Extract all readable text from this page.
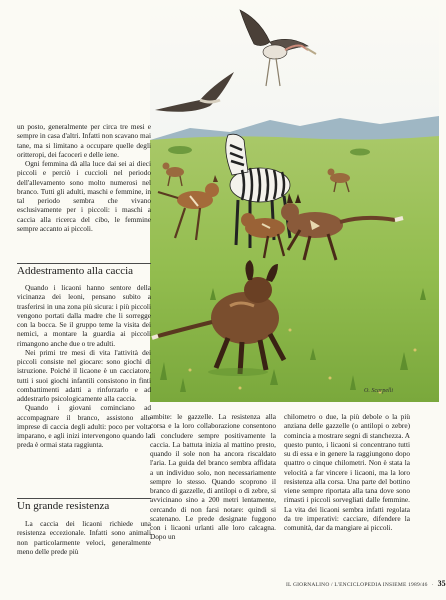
O. Scarpelli

un posto, generalmente per circa tre mesi e sempre in casa d'altri. Infatti non scavano mai tane, ma si limitano a occupare quelle degli oritteropi, dei facoceri e delle iene.

Ogni femmina dà alla luce dai sei ai dieci piccoli e perciò i cuccioli nel periodo dell'allevamento sono molto numerosi nel branco. Tutti gli adulti, maschi e femmine, in tal periodo sembra che vivano esclusivamente per i piccoli: i maschi a caccia alla ricerca del cibo, le femmine sempre accanto ai piccoli.

Addestramento alla caccia

Quando i licaoni hanno sentore della vicinanza dei leoni, pensano subito a trasferirsi in una zona più sicura: i più piccoli vengono portati dalla madre che li sorregge con la bocca. Se il gruppo teme la visita dei nemici, a montare la guardia ai piccoli rimangono anche due o tre adulti.

Nei primi tre mesi di vita l'attività dei piccoli consiste nel giocare: sono giochi di istruzione. Poiché il licaone è un cacciatore, tutti i suoi giochi infantili consistono in finti combattimenti adatti a rinforzarlo e ad addestrarlo psicologicamente alla caccia.

Quando i giovani cominciano ad accompagnare il branco, assistono alle imprese di caccia degli adulti: poco per volta imparano, e agli inizi intervengono quando la preda è ormai stata raggiunta.

Un grande resistenza

La caccia dei licaoni richiede una resistenza eccezionale. Infatti sono animali non particolarmente veloci, generalmente meno delle prede più

ambite: le gazzelle. La resistenza alla corsa e la loro collaborazione consentono di concludere sempre positivamente la caccia. La battuta inizia al mattino presto, quando il sole non ha ancora riscaldato l'aria. La guida del branco sembra affidata a un individuo solo, non necessariamente sempre lo stesso. Quando scoprono il branco di gazzelle, di antilopi o di zebre, si avvicinano sino a 200 metri lentamente, cercando di non farsi notare: quindi si scatenano. Le prede designate fuggono con i licaoni urlanti alle loro calcagna. Dopo un

chilometro o due, la più debole o la più anziana delle gazzelle (o antilopi o zebre) comincia a mostrare segni di stanchezza. A questo punto, i licaoni si concentrano tutti su di essa e in genere la raggiungono dopo quattro o cinque chilometri. Non è stata la velocità a far vincere i licaoni, ma la loro resistenza alla corsa. Una parte del bottino viene sempre riportata alla tana dove sono rimasti i piccoli sorvegliati dalle femmine. La vita dei licaoni sembra infatti regolata da tre imperativi: cacciare, difendere la comunità, dar da mangiare ai piccoli.

IL GIORNALINO / L'ENCICLOPEDIA INSIEME 1989/46 · 35
